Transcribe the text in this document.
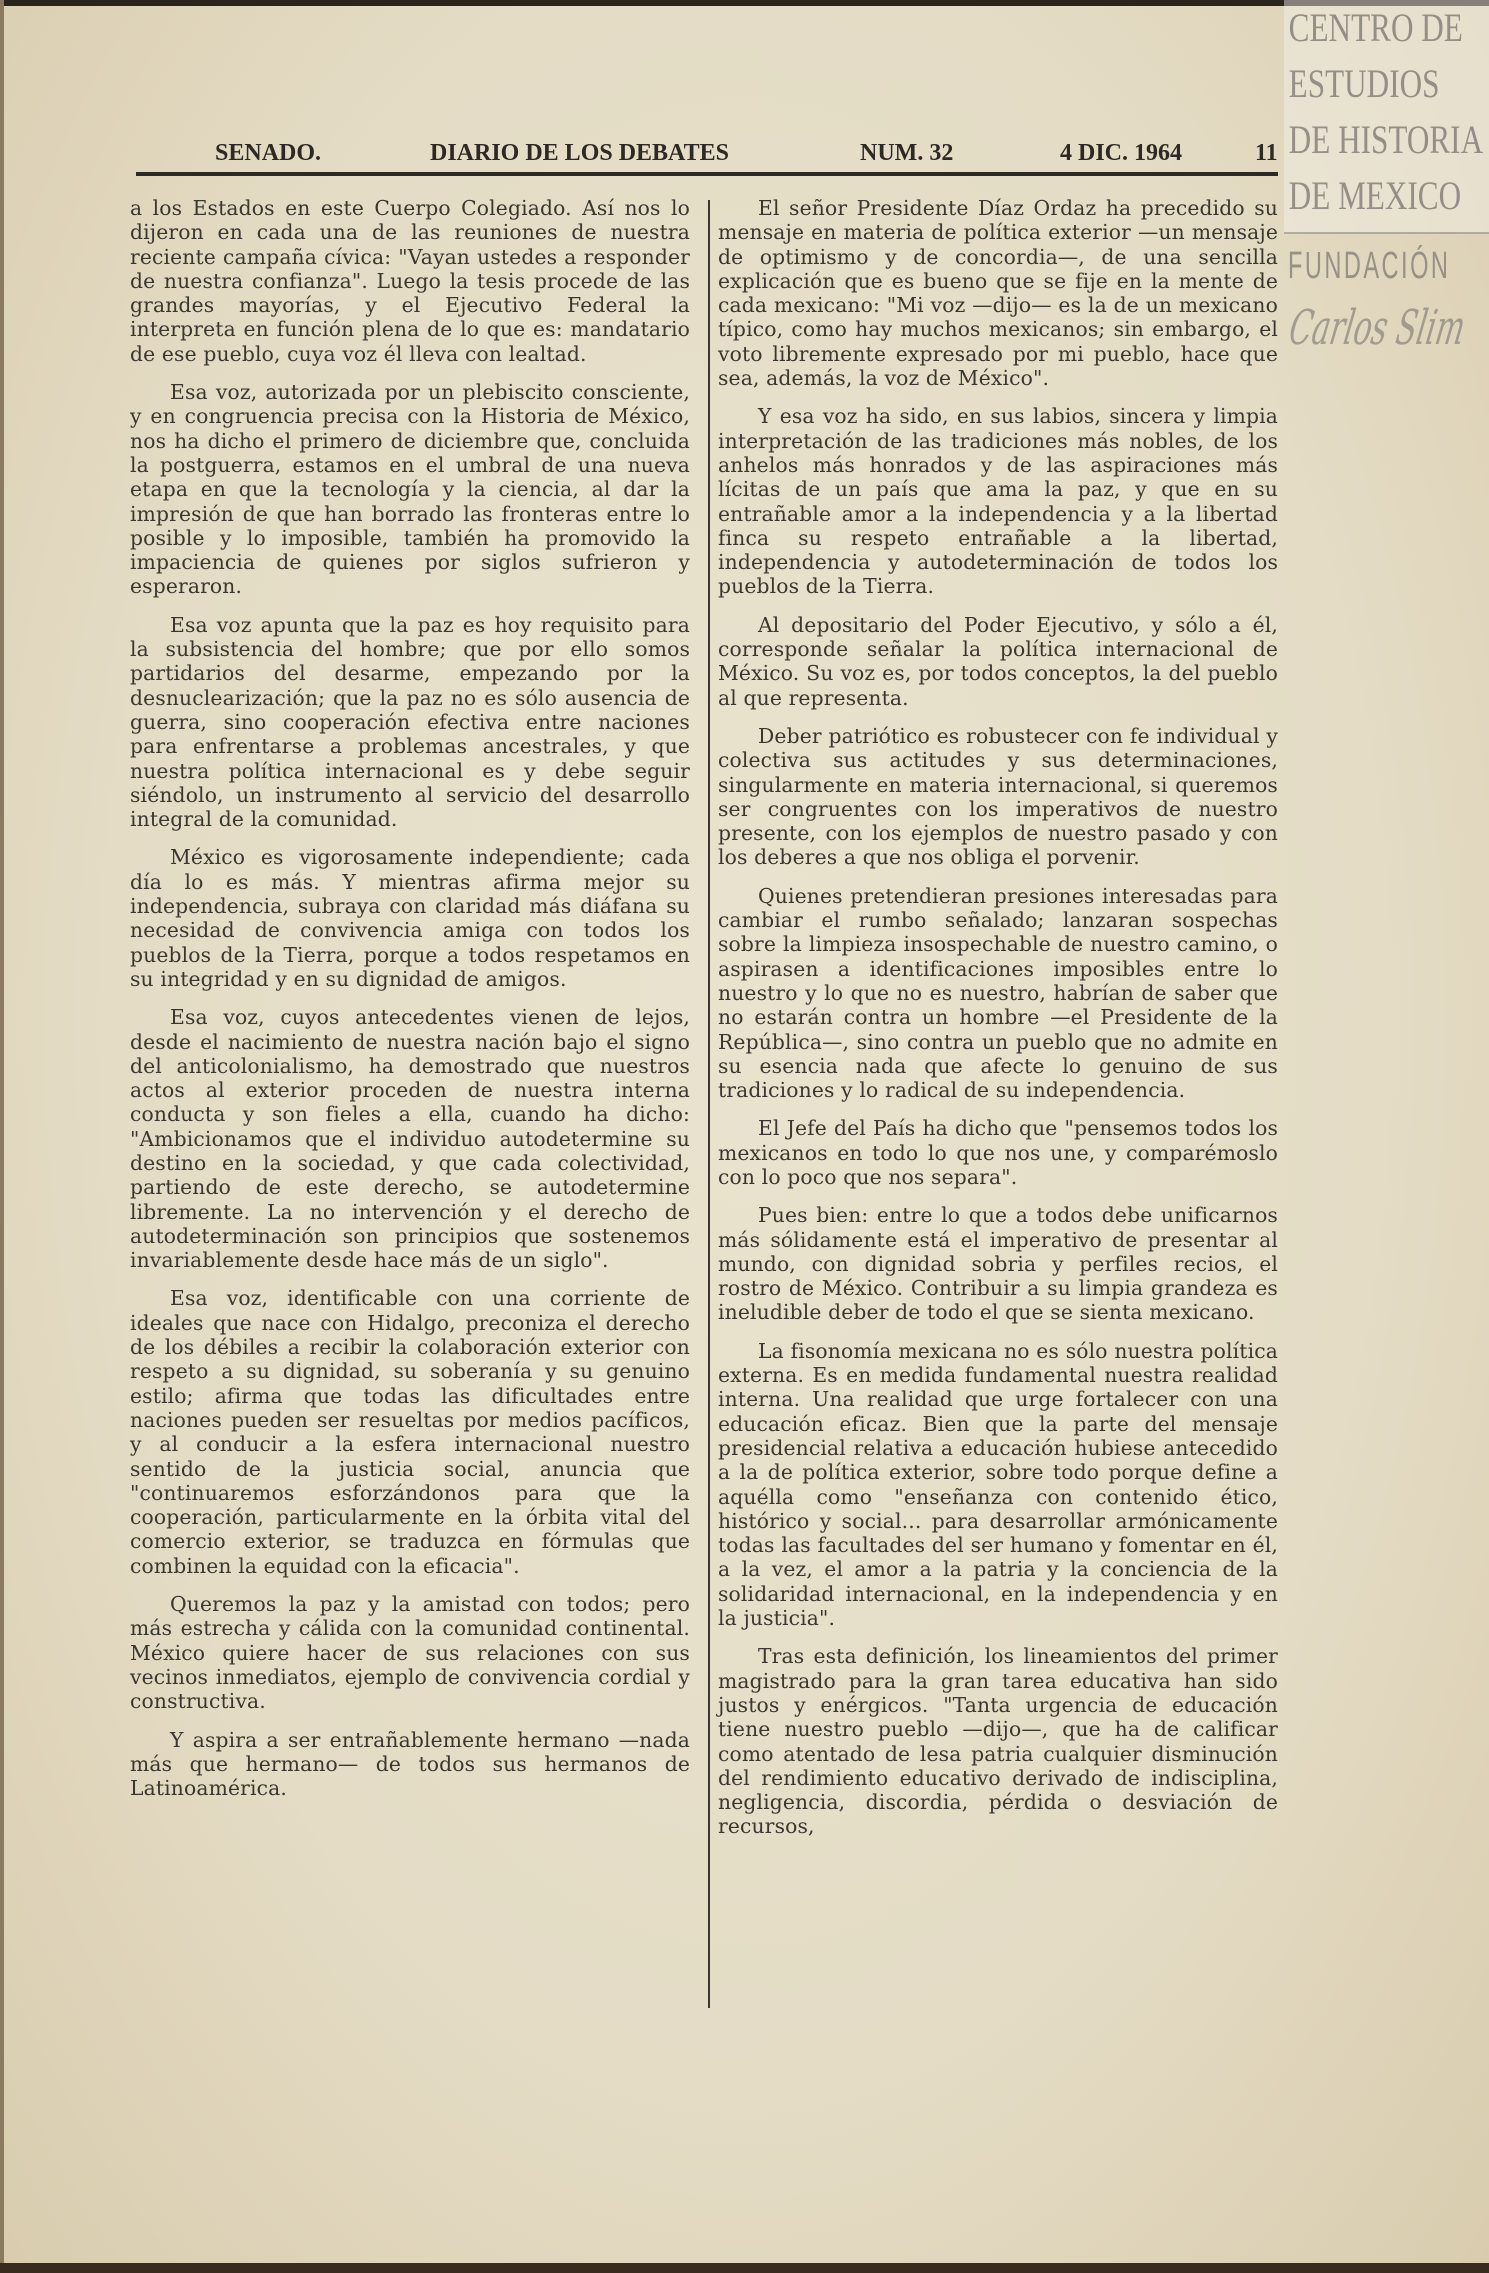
SENADO.	DIARIO DE LOS DEBATES	NUM. 32	4 DIC. 1964	11

a los Estados en este Cuerpo Colegiado. Así nos lo dijeron en cada una de las reuniones de nuestra reciente campaña cívica: "Vayan ustedes a responder de nuestra confianza". Luego la tesis procede de las grandes mayorías, y el Ejecutivo Federal la interpreta en función plena de lo que es: mandatario de ese pueblo, cuya voz él lleva con lealtad.

Esa voz, autorizada por un plebiscito consciente, y en congruencia precisa con la Historia de México, nos ha dicho el primero de diciembre que, concluida la postguerra, estamos en el umbral de una nueva etapa en que la tecnología y la ciencia, al dar la impresión de que han borrado las fronteras entre lo posible y lo imposible, también ha promovido la impaciencia de quienes por siglos sufrieron y esperaron.

Esa voz apunta que la paz es hoy requisito para la subsistencia del hombre; que por ello somos partidarios del desarme, empezando por la desnuclearización; que la paz no es sólo ausencia de guerra, sino cooperación efectiva entre naciones para enfrentarse a problemas ancestrales, y que nuestra política internacional es y debe seguir siéndolo, un instrumento al servicio del desarrollo integral de la comunidad.

México es vigorosamente independiente; cada día lo es más. Y mientras afirma mejor su independencia, subraya con claridad más diáfana su necesidad de convivencia amiga con todos los pueblos de la Tierra, porque a todos respetamos en su integridad y en su dignidad de amigos.

Esa voz, cuyos antecedentes vienen de lejos, desde el nacimiento de nuestra nación bajo el signo del anticolonialismo, ha demostrado que nuestros actos al exterior proceden de nuestra interna conducta y son fieles a ella, cuando ha dicho: "Ambicionamos que el individuo autodetermine su destino en la sociedad, y que cada colectividad, partiendo de este derecho, se autodetermine libremente. La no intervención y el derecho de autodeterminación son principios que sostenemos invariablemente desde hace más de un siglo".

Esa voz, identificable con una corriente de ideales que nace con Hidalgo, preconiza el derecho de los débiles a recibir la colaboración exterior con respeto a su dignidad, su soberanía y su genuino estilo; afirma que todas las dificultades entre naciones pueden ser resueltas por medios pacíficos, y al conducir a la esfera internacional nuestro sentido de la justicia social, anuncia que "continuaremos esforzándonos para que la cooperación, particularmente en la órbita vital del comercio exterior, se traduzca en fórmulas que combinen la equidad con la eficacia".

Queremos la paz y la amistad con todos; pero más estrecha y cálida con la comunidad continental. México quiere hacer de sus relaciones con sus vecinos inmediatos, ejemplo de convivencia cordial y constructiva.

Y aspira a ser entrañablemente hermano —nada más que hermano— de todos sus hermanos de Latinoamérica.

El señor Presidente Díaz Ordaz ha precedido su mensaje en materia de política exterior —un mensaje de optimismo y de concordia—, de una sencilla explicación que es bueno que se fije en la mente de cada mexicano: "Mi voz —dijo— es la de un mexicano típico, como hay muchos mexicanos; sin embargo, el voto libremente expresado por mi pueblo, hace que sea, además, la voz de México".

Y esa voz ha sido, en sus labios, sincera y limpia interpretación de las tradiciones más nobles, de los anhelos más honrados y de las aspiraciones más lícitas de un país que ama la paz, y que en su entrañable amor a la independencia y a la libertad finca su respeto entrañable a la libertad, independencia y autodeterminación de todos los pueblos de la Tierra.

Al depositario del Poder Ejecutivo, y sólo a él, corresponde señalar la política internacional de México. Su voz es, por todos conceptos, la del pueblo al que representa.

Deber patriótico es robustecer con fe individual y colectiva sus actitudes y sus determinaciones, singularmente en materia internacional, si queremos ser congruentes con los imperativos de nuestro presente, con los ejemplos de nuestro pasado y con los deberes a que nos obliga el porvenir.

Quienes pretendieran presiones interesadas para cambiar el rumbo señalado; lanzaran sospechas sobre la limpieza insospechable de nuestro camino, o aspirasen a identificaciones imposibles entre lo nuestro y lo que no es nuestro, habrían de saber que no estarán contra un hombre —el Presidente de la República—, sino contra un pueblo que no admite en su esencia nada que afecte lo genuino de sus tradiciones y lo radical de su independencia.

El Jefe del País ha dicho que "pensemos todos los mexicanos en todo lo que nos une, y comparémoslo con lo poco que nos separa".

Pues bien: entre lo que a todos debe unificarnos más sólidamente está el imperativo de presentar al mundo, con dignidad sobria y perfiles recios, el rostro de México. Contribuir a su limpia grandeza es ineludible deber de todo el que se sienta mexicano.

La fisonomía mexicana no es sólo nuestra política externa. Es en medida fundamental nuestra realidad interna. Una realidad que urge fortalecer con una educación eficaz. Bien que la parte del mensaje presidencial relativa a educación hubiese antecedido a la de política exterior, sobre todo porque define a aquélla como "enseñanza con contenido ético, histórico y social... para desarrollar armónicamente todas las facultades del ser humano y fomentar en él, a la vez, el amor a la patria y la conciencia de la solidaridad internacional, en la independencia y en la justicia".

Tras esta definición, los lineamientos del primer magistrado para la gran tarea educativa han sido justos y enérgicos. "Tanta urgencia de educación tiene nuestro pueblo —dijo—, que ha de calificar como atentado de lesa patria cualquier disminución del rendimiento educativo derivado de indisciplina, negligencia, discordia, pérdida o desviación de recursos,

CENTRO DE
ESTUDIOS
DE HISTORIA
DE MEXICO
FUNDACIÓN
Carlos Slim
